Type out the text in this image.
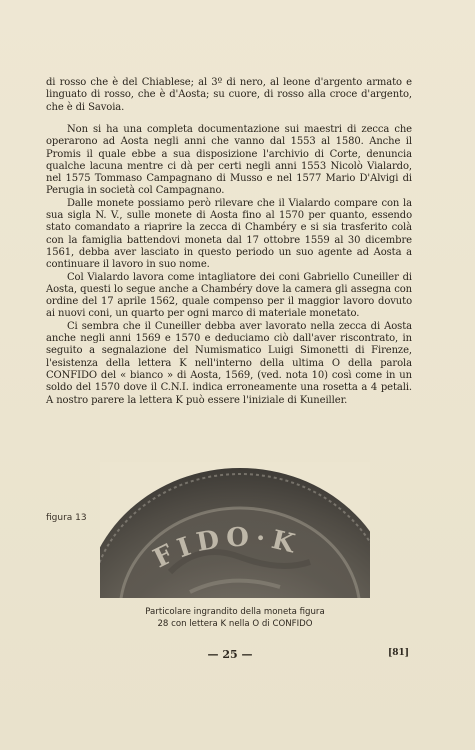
di rosso che è del Chiablese; al 3º di nero, al leone d'argento armato e linguato di rosso, che è d'Aosta; su cuore, di rosso alla croce d'argento, che è di Savoia.

Non si ha una completa documentazione sui maestri di zecca che operarono ad Aosta negli anni che vanno dal 1553 al 1580. Anche il Promis il quale ebbe a sua disposizione l'archivio di Corte, denuncia qualche lacuna mentre ci dà per certi negli anni 1553 Nicolò Vialardo, nel 1575 Tommaso Campagnano di Musso e nel 1577 Mario D'Alvigi di Perugia in società col Campagnano.

Dalle monete possiamo però rilevare che il Vialardo compare con la sua sigla N. V., sulle monete di Aosta fino al 1570 per quanto, essendo stato comandato a riaprire la zecca di Chambéry e si sia trasferito colà con la famiglia battendovi moneta dal 17 ottobre 1559 al 30 dicembre 1561, debba aver lasciato in questo periodo un suo agente ad Aosta a continuare il lavoro in suo nome.

Col Vialardo lavora come intagliatore dei coni Gabriello Cuneiller di Aosta, questi lo segue anche a Chambéry dove la camera gli assegna con ordine del 17 aprile 1562, quale compenso per il maggior lavoro dovuto ai nuovi coni, un quarto per ogni marco di materiale monetato.

Ci sembra che il Cuneiller debba aver lavorato nella zecca di Aosta anche negli anni 1569 e 1570 e deduciamo ciò dall'aver riscontrato, in seguito a segnalazione del Numismatico Luigi Simonetti di Firenze, l'esistenza della lettera K nell'interno della ultima O della parola CONFIDO del « bianco » di Aosta, 1569, (ved. nota 10) così come in un soldo del 1570 dove il C.N.I. indica erroneamente una rosetta a 4 petali. A nostro parere la lettera K può essere l'iniziale di Kuneiller.

figura 13
FIDO·K
Particolare ingrandito della moneta figura
28 con lettera K nella O di CONFIDO
— 25 —	[81]
